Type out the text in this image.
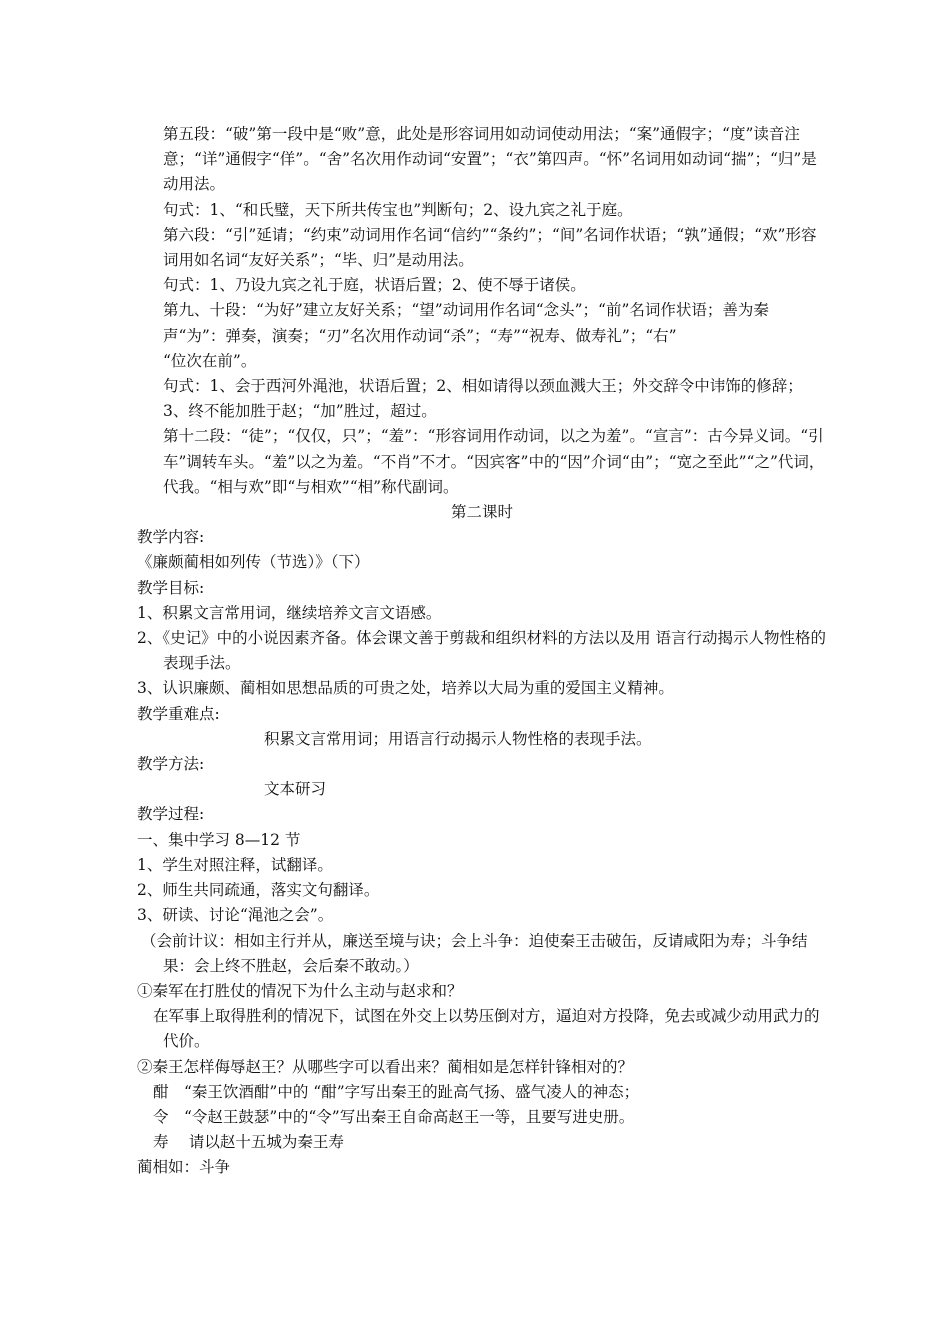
第五段：“破”第一段中是“败”意，此处是形容词用如动词使动用法；“案”通假字；“度”读音注意；“详”通假字“佯”。“舍”名次用作动词“安置”；“衣”第四声。“怀”名词用如动词“揣”；“归”是动用法。

句式：1、“和氏璧，天下所共传宝也”判断句；2、设九宾之礼于庭。

第六段：“引”延请；“约束”动词用作名词“信约”“条约”；“间”名词作状语；“孰”通假；“欢”形容词用如名词“友好关系”；“毕、归”是动用法。

句式：1、乃设九宾之礼于庭，状语后置；2、使不辱于诸侯。

第九、十段：“为好”建立友好关系；“望”动词用作名词“念头”；“前”名词作状语；善为秦声“为”：弹奏，演奏；“刃”名次用作动词“杀”；“寿”“祝寿、做寿礼”；“右”

“位次在前”。

句式：1、会于西河外渑池，状语后置；2、相如请得以颈血溅大王；外交辞令中讳饰的修辞；3、终不能加胜于赵；“加”胜过，超过。

第十二段：“徒”；“仅仅，只”；“羞”：“形容词用作动词，以之为羞”。“宣言”：古今异义词。“引车”调转车头。“羞”以之为羞。“不肖”不才。“因宾客”中的“因”介词“由”；“宽之至此”“之”代词，代我。“相与欢”即“与相欢”“相”称代副词。

第二课时

教学内容:

《廉颇蔺相如列传（节选）》（下）

教学目标:

1、积累文言常用词，继续培养文言文语感。

2、《史记》中的小说因素齐备。体会课文善于剪裁和组织材料的方法以及用 语言行动揭示人物性格的表现手法。

3、认识廉颇、蔺相如思想品质的可贵之处，培养以大局为重的爱国主义精神。

教学重难点:

积累文言常用词；用语言行动揭示人物性格的表现手法。

教学方法:

文本研习

教学过程:

一、集中学习 8—12 节

1、学生对照注释，试翻译。

2、师生共同疏通，落实文句翻译。

3、研读、讨论“渑池之会”。

（会前计议：相如主行并从，廉送至境与诀；会上斗争：迫使秦王击破缶，反请咸阳为寿；斗争结果：会上终不胜赵，会后秦不敢动。）

①秦军在打胜仗的情况下为什么主动与赵求和？

在军事上取得胜利的情况下，试图在外交上以势压倒对方，逼迫对方投降，免去或减少动用武力的代价。

②秦王怎样侮辱赵王？从哪些字可以看出来？蔺相如是怎样针锋相对的？

酣　“秦王饮酒酣”中的 “酣”字写出秦王的趾高气扬、盛气凌人的神态；

令　“令赵王鼓瑟”中的“令”写出秦王自命高赵王一等，且要写进史册。

寿　 请以赵十五城为秦王寿

蔺相如：斗争
